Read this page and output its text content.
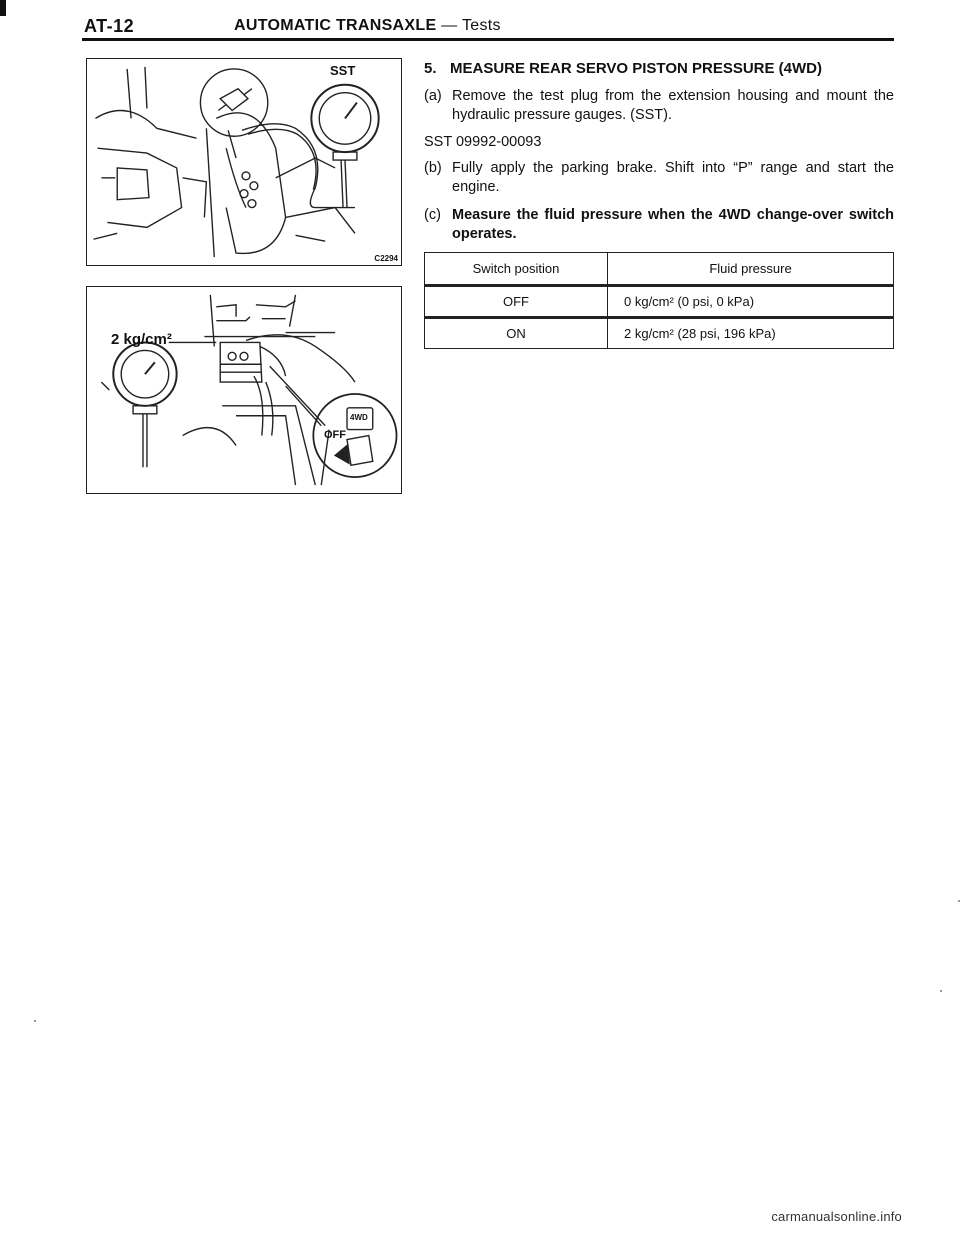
AT-12	AUTOMATIC TRANSAXLE — Tests
SST
C2294
2 kg/cm²
OFF
4WD
5. MEASURE REAR SERVO PISTON PRESSURE (4WD)
(a) Remove the test plug from the extension housing and mount the hydraulic pressure gauges. (SST).
SST 09992-00093
(b) Fully apply the parking brake. Shift into “P” range and start the engine.
(c) Measure the fluid pressure when the 4WD change-over switch operates.
Switch position	Fluid pressure
OFF	0 kg/cm² (0 psi, 0 kPa)
ON	2 kg/cm² (28 psi, 196 kPa)
carmanualsonline.info
